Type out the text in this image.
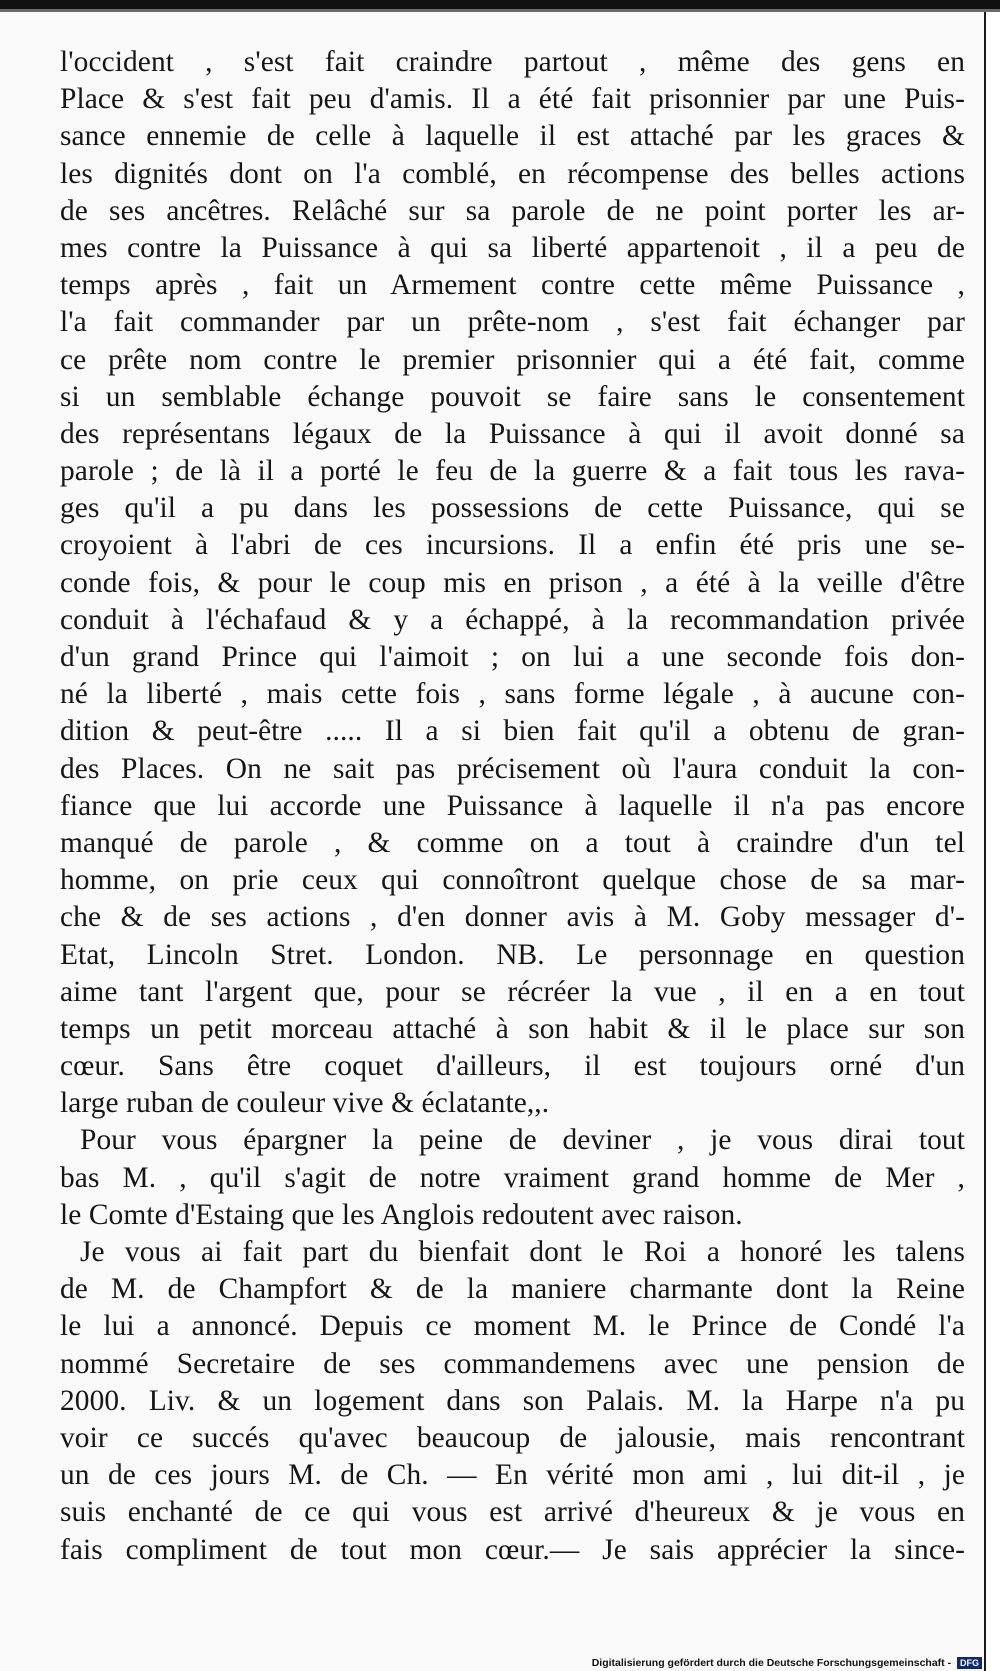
l'occident , s'est fait craindre partout , même des gens en
Place & s'est fait peu d'amis. Il a été fait prisonnier par une Puis-
sance ennemie de celle à laquelle il est attaché par les graces &
les dignités dont on l'a comblé, en récompense des belles actions
de ses ancêtres. Relâché sur sa parole de ne point porter les ar-
mes contre la Puissance à qui sa liberté appartenoit , il a peu de
temps après , fait un Armement contre cette même Puissance ,
l'a fait commander par un prête-nom , s'est fait échanger par
ce prête nom contre le premier prisonnier qui a été fait, comme
si un semblable échange pouvoit se faire sans le consentement
des représentans légaux de la Puissance à qui il avoit donné sa
parole ; de là il a porté le feu de la guerre & a fait tous les rava-
ges qu'il a pu dans les possessions de cette Puissance, qui se
croyoient à l'abri de ces incursions. Il a enfin été pris une se-
conde fois, & pour le coup mis en prison , a été à la veille d'être
conduit à l'échafaud & y a échappé, à la recommandation privée
d'un grand Prince qui l'aimoit ; on lui a une seconde fois don-
né la liberté , mais cette fois , sans forme légale , à aucune con-
dition & peut-être ..... Il a si bien fait qu'il a obtenu de gran-
des Places. On ne sait pas précisement où l'aura conduit la con-
fiance que lui accorde une Puissance à laquelle il n'a pas encore
manqué de parole , & comme on a tout à craindre d'un tel
homme, on prie ceux qui connoîtront quelque chose de sa mar-
che & de ses actions , d'en donner avis à M. Goby messager d'-
Etat, Lincoln Stret. London. NB. Le personnage en question
aime tant l'argent que, pour se récréer la vue , il en a en tout
temps un petit morceau attaché à son habit & il le place sur son
cœur. Sans être coquet d'ailleurs, il est toujours orné d'un
large ruban de couleur vive & éclatante,,.
Pour vous épargner la peine de deviner , je vous dirai tout
bas M. , qu'il s'agit de notre vraiment grand homme de Mer ,
le Comte d'Estaing que les Anglois redoutent avec raison.
Je vous ai fait part du bienfait dont le Roi a honoré les talens
de M. de Champfort & de la maniere charmante dont la Reine
le lui a annoncé. Depuis ce moment M. le Prince de Condé l'a
nommé Secretaire de ses commandemens avec une pension de
2000. Liv. & un logement dans son Palais. M. la Harpe n'a pu
voir ce succés qu'avec beaucoup de jalousie, mais rencontrant
un de ces jours M. de Ch. — En vérité mon ami , lui dit-il , je
suis enchanté de ce qui vous est arrivé d'heureux & je vous en
fais compliment de tout mon cœur.— Je sais apprécier la since-
Digitalisierung gefördert durch die Deutsche Forschungsgemeinschaft - DFG
